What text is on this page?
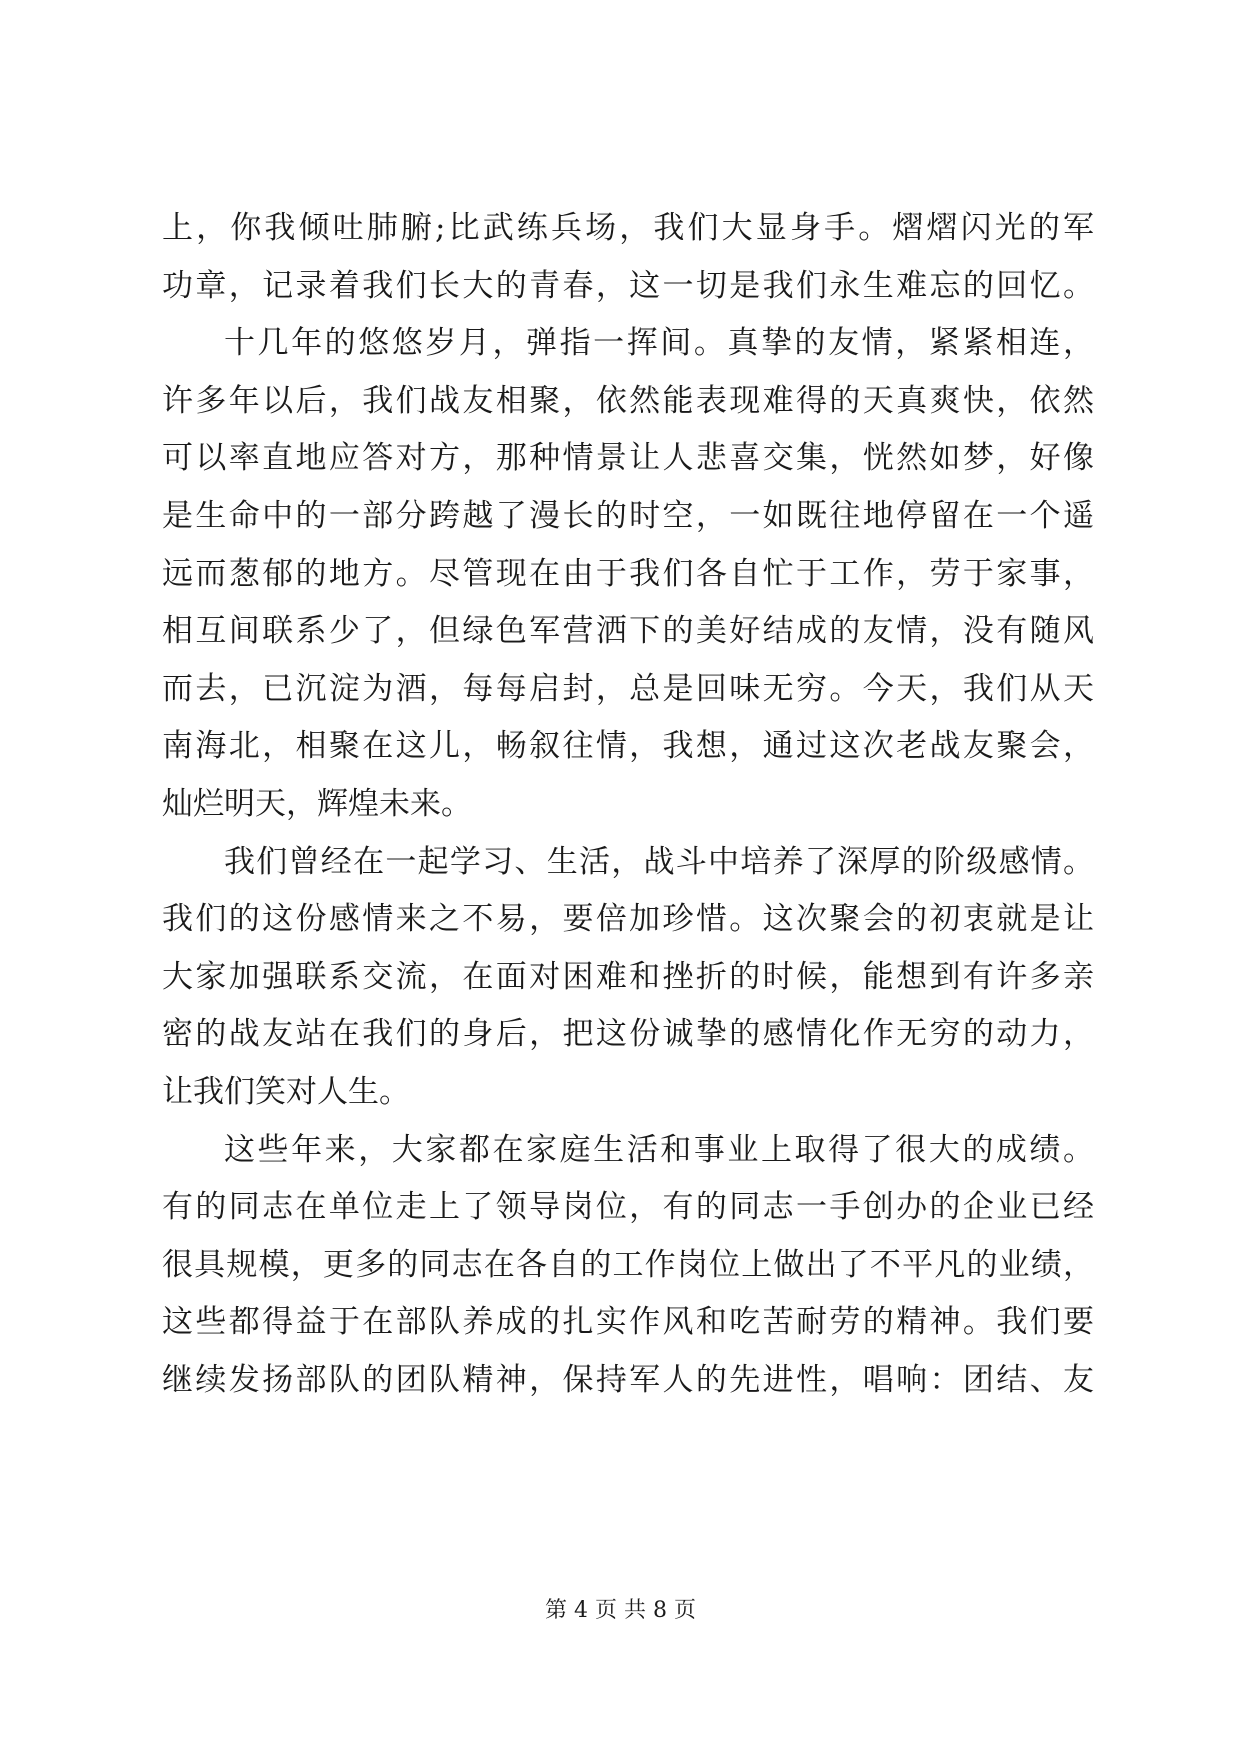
上，你我倾吐肺腑;比武练兵场，我们大显身手。熠熠闪光的军
功章，记录着我们长大的青春，这一切是我们永生难忘的回忆。
十几年的悠悠岁月，弹指一挥间。真挚的友情，紧紧相连，
许多年以后，我们战友相聚，依然能表现难得的天真爽快，依然
可以率直地应答对方，那种情景让人悲喜交集，恍然如梦，好像
是生命中的一部分跨越了漫长的时空，一如既往地停留在一个遥
远而葱郁的地方。尽管现在由于我们各自忙于工作，劳于家事，
相互间联系少了，但绿色军营洒下的美好结成的友情，没有随风
而去，已沉淀为酒，每每启封，总是回味无穷。今天，我们从天
南海北，相聚在这儿，畅叙往情，我想，通过这次老战友聚会，
灿烂明天，辉煌未来。
我们曾经在一起学习、生活，战斗中培养了深厚的阶级感情。
我们的这份感情来之不易，要倍加珍惜。这次聚会的初衷就是让
大家加强联系交流，在面对困难和挫折的时候，能想到有许多亲
密的战友站在我们的身后，把这份诚挚的感情化作无穷的动力，
让我们笑对人生。
这些年来，大家都在家庭生活和事业上取得了很大的成绩。
有的同志在单位走上了领导岗位，有的同志一手创办的企业已经
很具规模，更多的同志在各自的工作岗位上做出了不平凡的业绩，
这些都得益于在部队养成的扎实作风和吃苦耐劳的精神。我们要
继续发扬部队的团队精神，保持军人的先进性，唱响：团结、友
第 4 页 共 8 页
